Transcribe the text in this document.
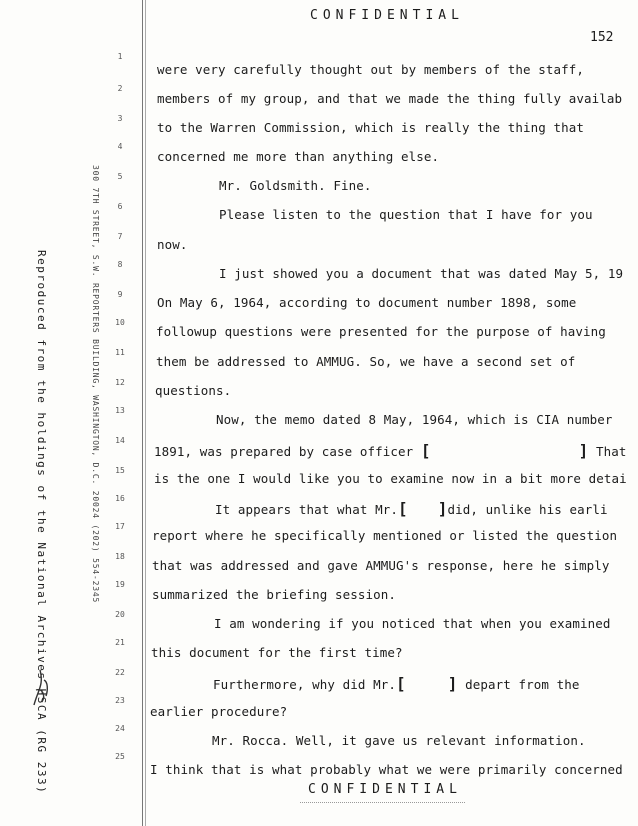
CONFIDENTIAL
152
Reproduced from the holdings of the National Archives HSCA (RG 233)	300 7TH STREET, S.W. REPORTERS BUILDING, WASHINGTON, D.C. 20024 (202) 554-2345
1
2
3
4
5
6
7
8
9
10
11
12
13
14
15
16
17
18
19
20
21
22
23
24
25
were very carefully thought out by members of the staff,
members of my group, and that we made the thing fully availab
to the Warren Commission, which is really the thing that
concerned me more than anything else.
Mr. Goldsmith. Fine.
Please listen to the question that I have for you
now.
I just showed you a document that was dated May 5, 19
On May 6, 1964, according to document number 1898, some
followup questions were presented for the purpose of having
them be addressed to AMMUG. So, we have a second set of
questions.
Now, the memo dated 8 May, 1964, which is CIA number
1891, was prepared by case officer [	] That
is the one I would like you to examine now in a bit more detai
It appears that what Mr.[ ]did, unlike his earli
report where he specifically mentioned or listed the question
that was addressed and gave AMMUG's response, here he simply
summarized the briefing session.
I am wondering if you noticed that when you examined
this document for the first time?
Furthermore, why did Mr.[	] depart from the
earlier procedure?
Mr. Rocca. Well, it gave us relevant information.
I think that is what probably what we were primarily concerned
CONFIDENTIAL
